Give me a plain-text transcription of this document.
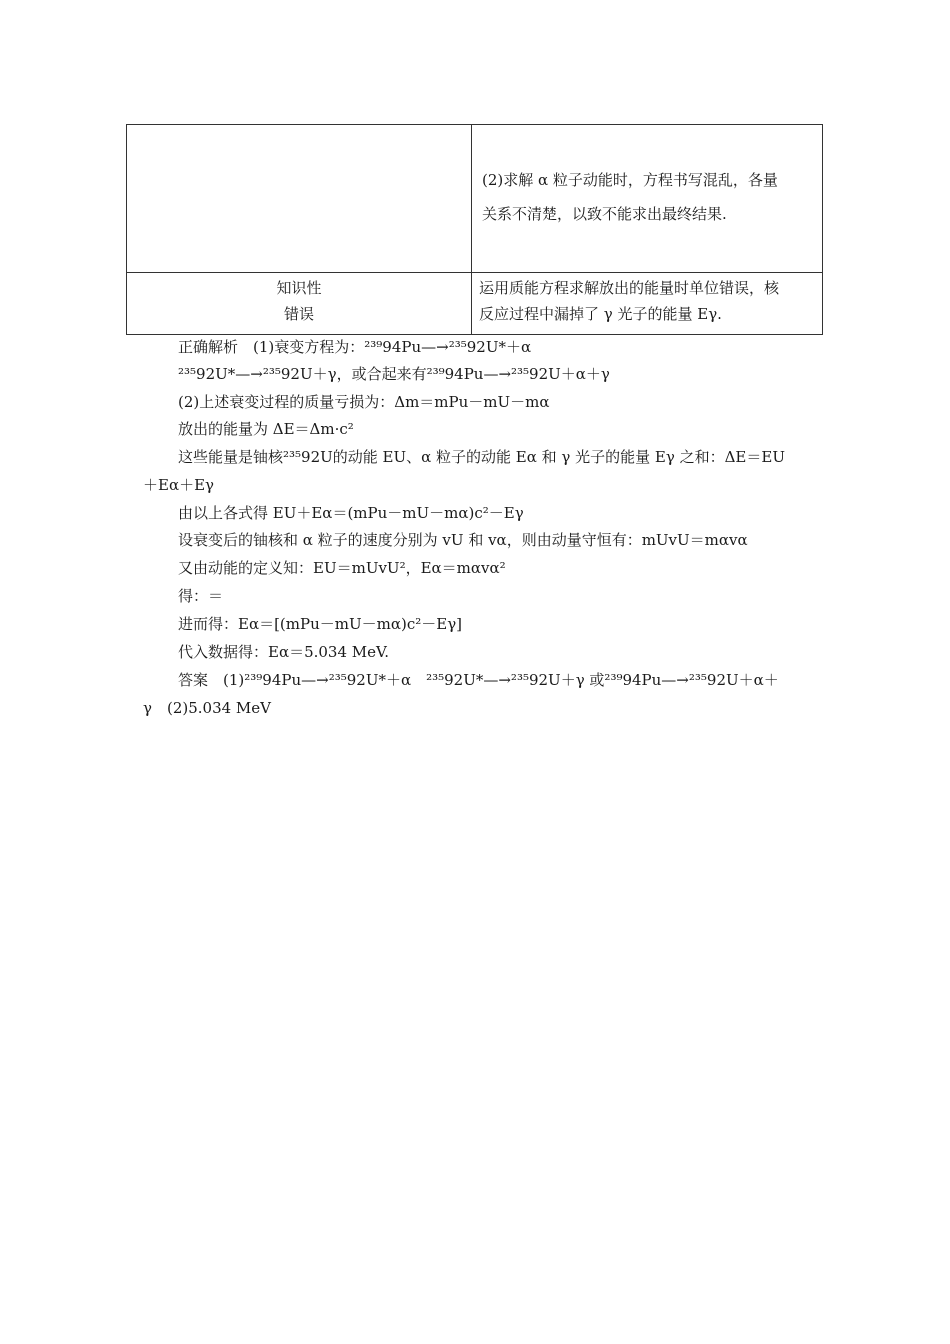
(2)求解 α 粒子动能时，方程书写混乱，各量
关系不清楚，以致不能求出最终结果.
知识性
错误
运用质能方程求解放出的能量时单位错误，核
反应过程中漏掉了 γ 光子的能量 Eγ.
正确解析　(1)衰变方程为：²³⁹94Pu—→²³⁵92U*＋α
²³⁵92U*—→²³⁵92U＋γ，或合起来有²³⁹94Pu—→²³⁵92U＋α＋γ
(2)上述衰变过程的质量亏损为：Δm＝mPu－mU－mα
放出的能量为 ΔE＝Δm·c²
这些能量是铀核²³⁵92U的动能 EU、α 粒子的动能 Eα 和 γ 光子的能量 Eγ 之和：ΔE＝EU
＋Eα＋Eγ
由以上各式得 EU＋Eα＝(mPu－mU－mα)c²－Eγ
设衰变后的铀核和 α 粒子的速度分别为 vU 和 vα，则由动量守恒有：mUvU＝mαvα
又由动能的定义知：EU＝mUvU²，Eα＝mαvα²
得：＝
进而得：Eα＝[(mPu－mU－mα)c²－Eγ]
代入数据得：Eα＝5.034 MeV.
答案　(1)²³⁹94Pu—→²³⁵92U*＋α　²³⁵92U*—→²³⁵92U＋γ 或²³⁹94Pu—→²³⁵92U＋α＋
γ　(2)5.034 MeV
